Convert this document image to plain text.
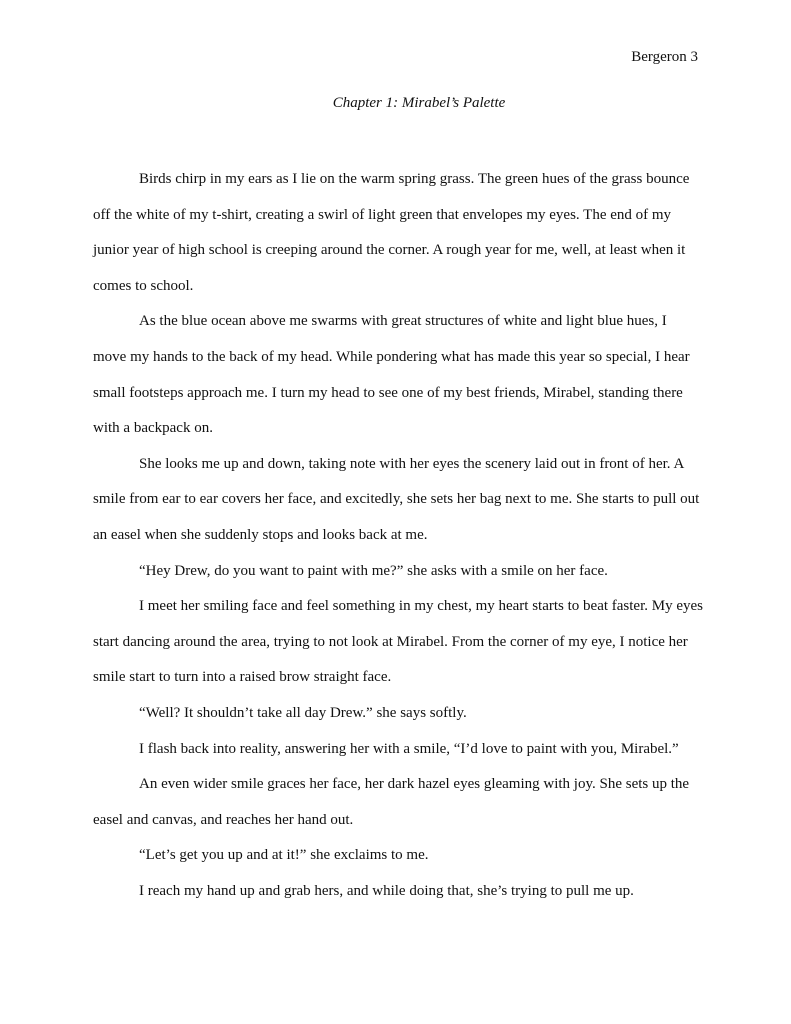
Bergeron 3
Chapter 1: Mirabel’s Palette

Birds chirp in my ears as I lie on the warm spring grass. The green hues of the grass bounce off the white of my t-shirt, creating a swirl of light green that envelopes my eyes. The end of my junior year of high school is creeping around the corner. A rough year for me, well, at least when it comes to school.

As the blue ocean above me swarms with great structures of white and light blue hues, I move my hands to the back of my head. While pondering what has made this year so special, I hear small footsteps approach me. I turn my head to see one of my best friends, Mirabel, standing there with a backpack on.

She looks me up and down, taking note with her eyes the scenery laid out in front of her. A smile from ear to ear covers her face, and excitedly, she sets her bag next to me. She starts to pull out an easel when she suddenly stops and looks back at me.

“Hey Drew, do you want to paint with me?” she asks with a smile on her face.

I meet her smiling face and feel something in my chest, my heart starts to beat faster. My eyes start dancing around the area, trying to not look at Mirabel. From the corner of my eye, I notice her smile start to turn into a raised brow straight face.

“Well? It shouldn’t take all day Drew.” she says softly.

I flash back into reality, answering her with a smile, “I’d love to paint with you, Mirabel.”

An even wider smile graces her face, her dark hazel eyes gleaming with joy. She sets up the easel and canvas, and reaches her hand out.

“Let’s get you up and at it!” she exclaims to me.

I reach my hand up and grab hers, and while doing that, she’s trying to pull me up.
